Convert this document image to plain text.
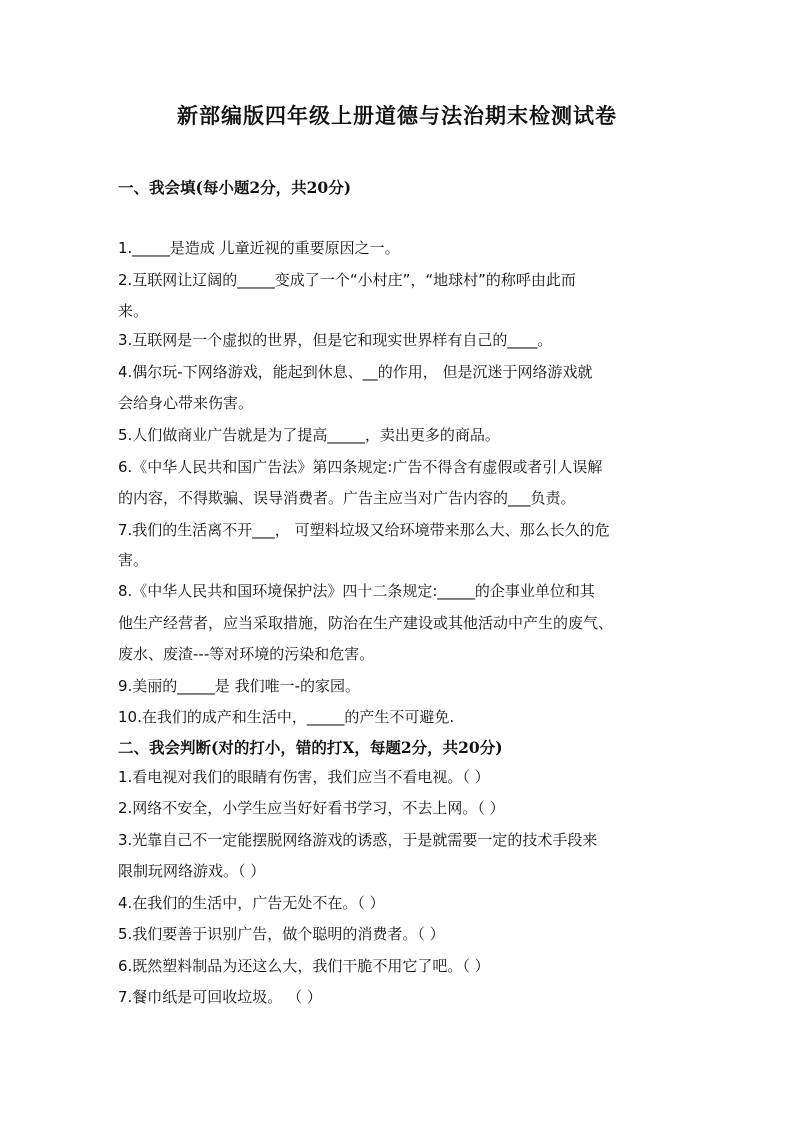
新部编版四年级上册道德与法治期末检测试卷
一、我会填(每小题2分，共20分)
1._____是造成 儿童近视的重要原因之一。
2.互联网让辽阔的_____变成了一个“小村庄”，“地球村”的称呼由此而
来。
3.互联网是一个虚拟的世界，但是它和现实世界样有自己的____。
4.偶尔玩-下网络游戏，能起到休息、__的作用， 但是沉迷于网络游戏就
会给身心带来伤害。
5.人们做商业广告就是为了提高_____，卖出更多的商品。
6.《中华人民共和国广告法》第四条规定:广告不得含有虚假或者引人误解
的内容，不得欺骗、误导消费者。广告主应当对广告内容的___负责。
7.我们的生活离不开___， 可塑料垃圾又给环境带来那么大、那么长久的危
害。
8.《中华人民共和国环境保护法》四十二条规定:_____的企事业单位和其
他生产经营者，应当采取措施，防治在生产建设或其他活动中产生的废气、
废水、废渣---等对环境的污染和危害。
9.美丽的_____是 我们唯一-的家园。
10.在我们的成产和生活中，_____的产生不可避免.
二、我会判断(对的打小，错的打X，每题2分，共20分)
1.看电视对我们的眼睛有伤害，我们应当不看电视。（ ）
2.网络不安全，小学生应当好好看书学习，不去上网。（ ）
3.光靠自己不一定能摆脱网络游戏的诱惑，于是就需要一定的技术手段来
限制玩网络游戏。（ ）
4.在我们的生活中，广告无处不在。（ ）
5.我们要善于识别广告，做个聪明的消费者。（ ）
6.既然塑料制品为还这么大，我们干脆不用它了吧。（ ）
7.餐巾纸是可回收垃圾。 （ ）
